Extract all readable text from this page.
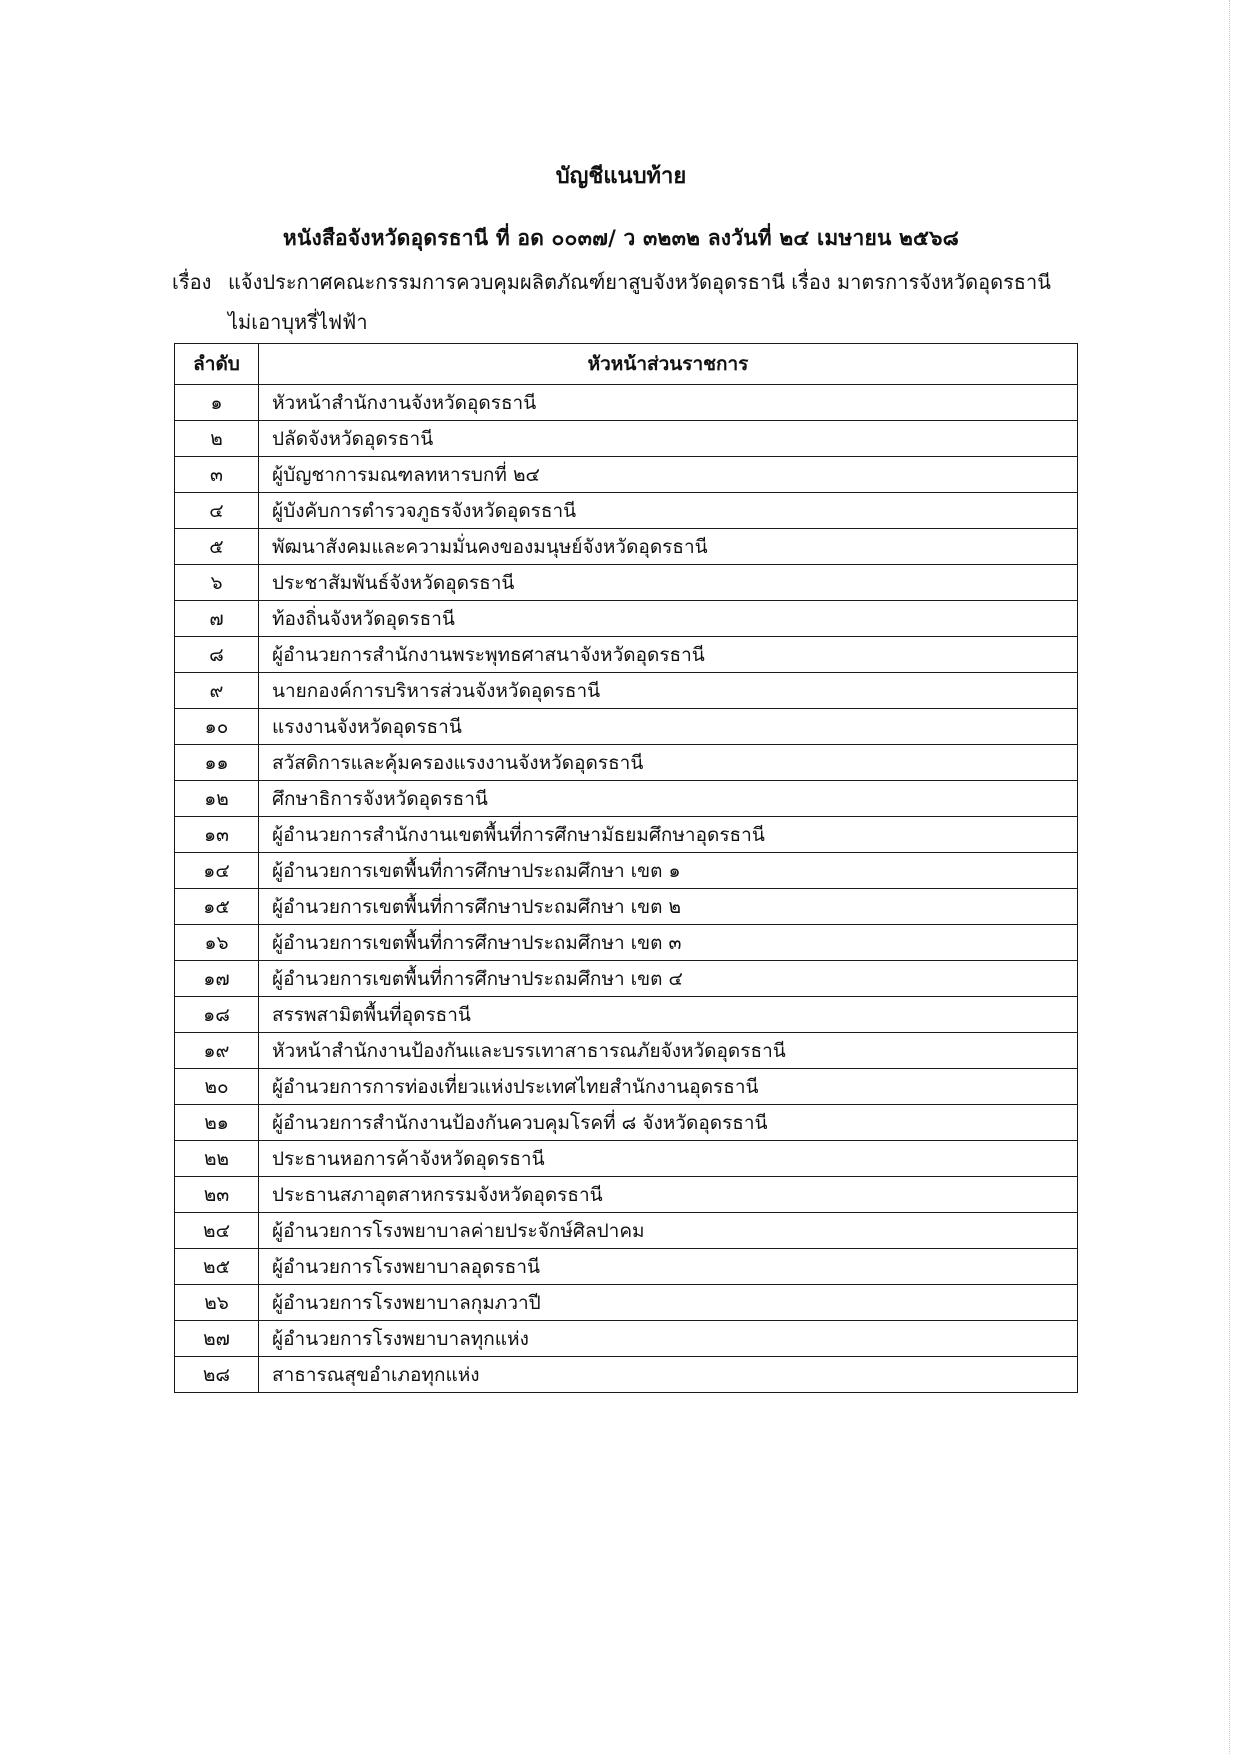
บัญชีแนบท้าย
หนังสือจังหวัดอุดรธานี ที่ อด ๐๐๓๗/ ว ๓๒๓๒ ลงวันที่ ๒๔ เมษายน ๒๕๖๘
เรื่อง แจ้งประกาศคณะกรรมการควบคุมผลิตภัณฑ์ยาสูบจังหวัดอุดรธานี เรื่อง มาตรการจังหวัดอุดรธานี
ไม่เอาบุหรี่ไฟฟ้า
ลำดับ	หัวหน้าส่วนราชการ
๑	หัวหน้าสำนักงานจังหวัดอุดรธานี
๒	ปลัดจังหวัดอุดรธานี
๓	ผู้บัญชาการมณฑลทหารบกที่ ๒๔
๔	ผู้บังคับการตำรวจภูธรจังหวัดอุดรธานี
๕	พัฒนาสังคมและความมั่นคงของมนุษย์จังหวัดอุดรธานี
๖	ประชาสัมพันธ์จังหวัดอุดรธานี
๗	ท้องถิ่นจังหวัดอุดรธานี
๘	ผู้อำนวยการสำนักงานพระพุทธศาสนาจังหวัดอุดรธานี
๙	นายกองค์การบริหารส่วนจังหวัดอุดรธานี
๑๐	แรงงานจังหวัดอุดรธานี
๑๑	สวัสดิการและคุ้มครองแรงงานจังหวัดอุดรธานี
๑๒	ศึกษาธิการจังหวัดอุดรธานี
๑๓	ผู้อำนวยการสำนักงานเขตพื้นที่การศึกษามัธยมศึกษาอุดรธานี
๑๔	ผู้อำนวยการเขตพื้นที่การศึกษาประถมศึกษา เขต ๑
๑๕	ผู้อำนวยการเขตพื้นที่การศึกษาประถมศึกษา เขต ๒
๑๖	ผู้อำนวยการเขตพื้นที่การศึกษาประถมศึกษา เขต ๓
๑๗	ผู้อำนวยการเขตพื้นที่การศึกษาประถมศึกษา เขต ๔
๑๘	สรรพสามิตพื้นที่อุดรธานี
๑๙	หัวหน้าสำนักงานป้องกันและบรรเทาสาธารณภัยจังหวัดอุดรธานี
๒๐	ผู้อำนวยการการท่องเที่ยวแห่งประเทศไทยสำนักงานอุดรธานี
๒๑	ผู้อำนวยการสำนักงานป้องกันควบคุมโรคที่ ๘ จังหวัดอุดรธานี
๒๒	ประธานหอการค้าจังหวัดอุดรธานี
๒๓	ประธานสภาอุตสาหกรรมจังหวัดอุดรธานี
๒๔	ผู้อำนวยการโรงพยาบาลค่ายประจักษ์ศิลปาคม
๒๕	ผู้อำนวยการโรงพยาบาลอุดรธานี
๒๖	ผู้อำนวยการโรงพยาบาลกุมภวาปี
๒๗	ผู้อำนวยการโรงพยาบาลทุกแห่ง
๒๘	สาธารณสุขอำเภอทุกแห่ง
